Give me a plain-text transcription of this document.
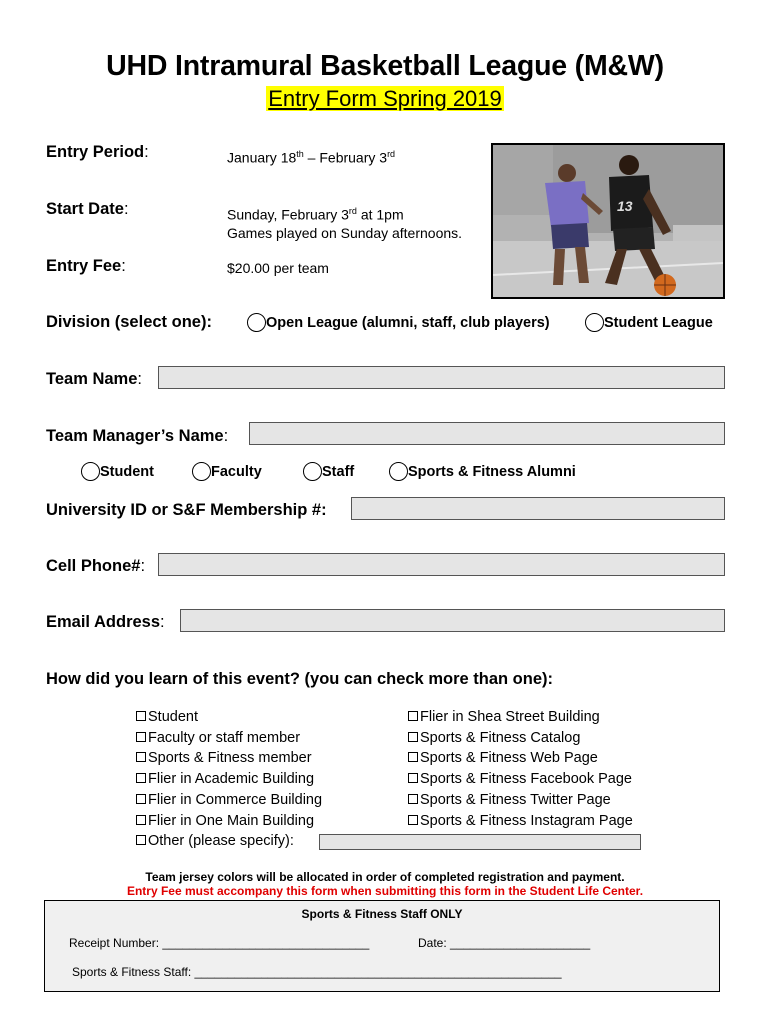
UHD Intramural Basketball League (M&W)
Entry Form Spring 2019
Entry Period:	January 18th – February 3rd
Start Date:	Sunday, February 3rd at 1pm
Games played on Sunday afternoons.
Entry Fee:	$20.00 per team
13
Division (select one):	Open League (alumni, staff, club players)	Student League
Team Name:
Team Manager’s Name:
Student	Faculty	Staff	Sports & Fitness Alumni
University ID or S&F Membership #:
Cell Phone#:
Email Address:
How did you learn of this event? (you can check more than one):
Student
Faculty or staff member
Sports & Fitness member
Flier in Academic Building
Flier in Commerce Building
Flier in One Main Building
Other (please specify):
Flier in Shea Street Building
Sports & Fitness Catalog
Sports & Fitness Web Page
Sports & Fitness Facebook Page
Sports & Fitness Twitter Page
Sports & Fitness Instagram Page
Team jersey colors will be allocated in order of completed registration and payment.
Entry Fee must accompany this form when submitting this form in the Student Life Center.
Sports & Fitness Staff ONLY
Receipt Number: _______________________________	Date: _____________________
Sports & Fitness Staff: _______________________________________________________
